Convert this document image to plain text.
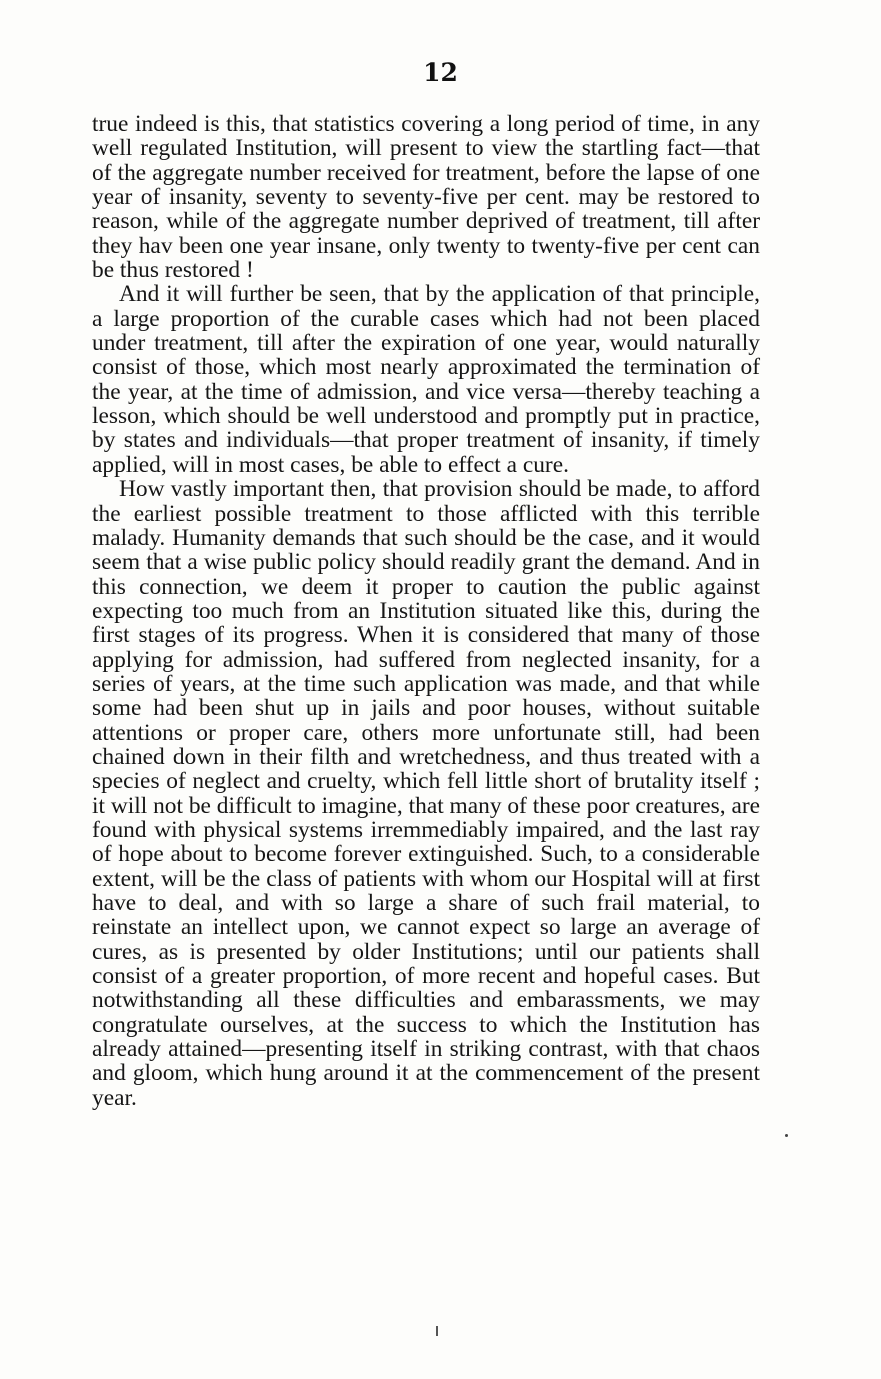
12

true indeed is this, that statistics covering a long period of time, in any well regulated Institution, will present to view the startling fact—that of the aggregate number received for treatment, before the lapse of one year of insanity, seventy to seventy-five per cent. may be restored to reason, while of the aggregate number deprived of treatment, till after they hav been one year insane, only twenty to twenty-five per cent can be thus restored !

And it will further be seen, that by the application of that principle, a large proportion of the curable cases which had not been placed under treatment, till after the expiration of one year, would naturally consist of those, which most nearly approximated the termination of the year, at the time of admission, and vice versa—thereby teaching a lesson, which should be well understood and promptly put in practice, by states and individuals—that proper treatment of insanity, if timely applied, will in most cases, be able to effect a cure.

How vastly important then, that provision should be made, to afford the earliest possible treatment to those afflicted with this terrible malady. Humanity demands that such should be the case, and it would seem that a wise public policy should readily grant the demand. And in this connection, we deem it proper to caution the public against expecting too much from an Institution situated like this, during the first stages of its progress. When it is considered that many of those applying for admission, had suffered from neglected insanity, for a series of years, at the time such application was made, and that while some had been shut up in jails and poor houses, without suitable attentions or proper care, others more unfortunate still, had been chained down in their filth and wretchedness, and thus treated with a species of neglect and cruelty, which fell little short of brutality itself ; it will not be difficult to imagine, that many of these poor creatures, are found with physical systems irremmediably impaired, and the last ray of hope about to become forever extinguished. Such, to a considerable extent, will be the class of patients with whom our Hospital will at first have to deal, and with so large a share of such frail material, to reinstate an intellect upon, we cannot expect so large an average of cures, as is presented by older Institutions; until our patients shall consist of a greater proportion, of more recent and hopeful cases. But notwithstanding all these difficulties and embarassments, we may congratulate ourselves, at the success to which the Institution has already attained—presenting itself in striking contrast, with that chaos and gloom, which hung around it at the commencement of the present year.
